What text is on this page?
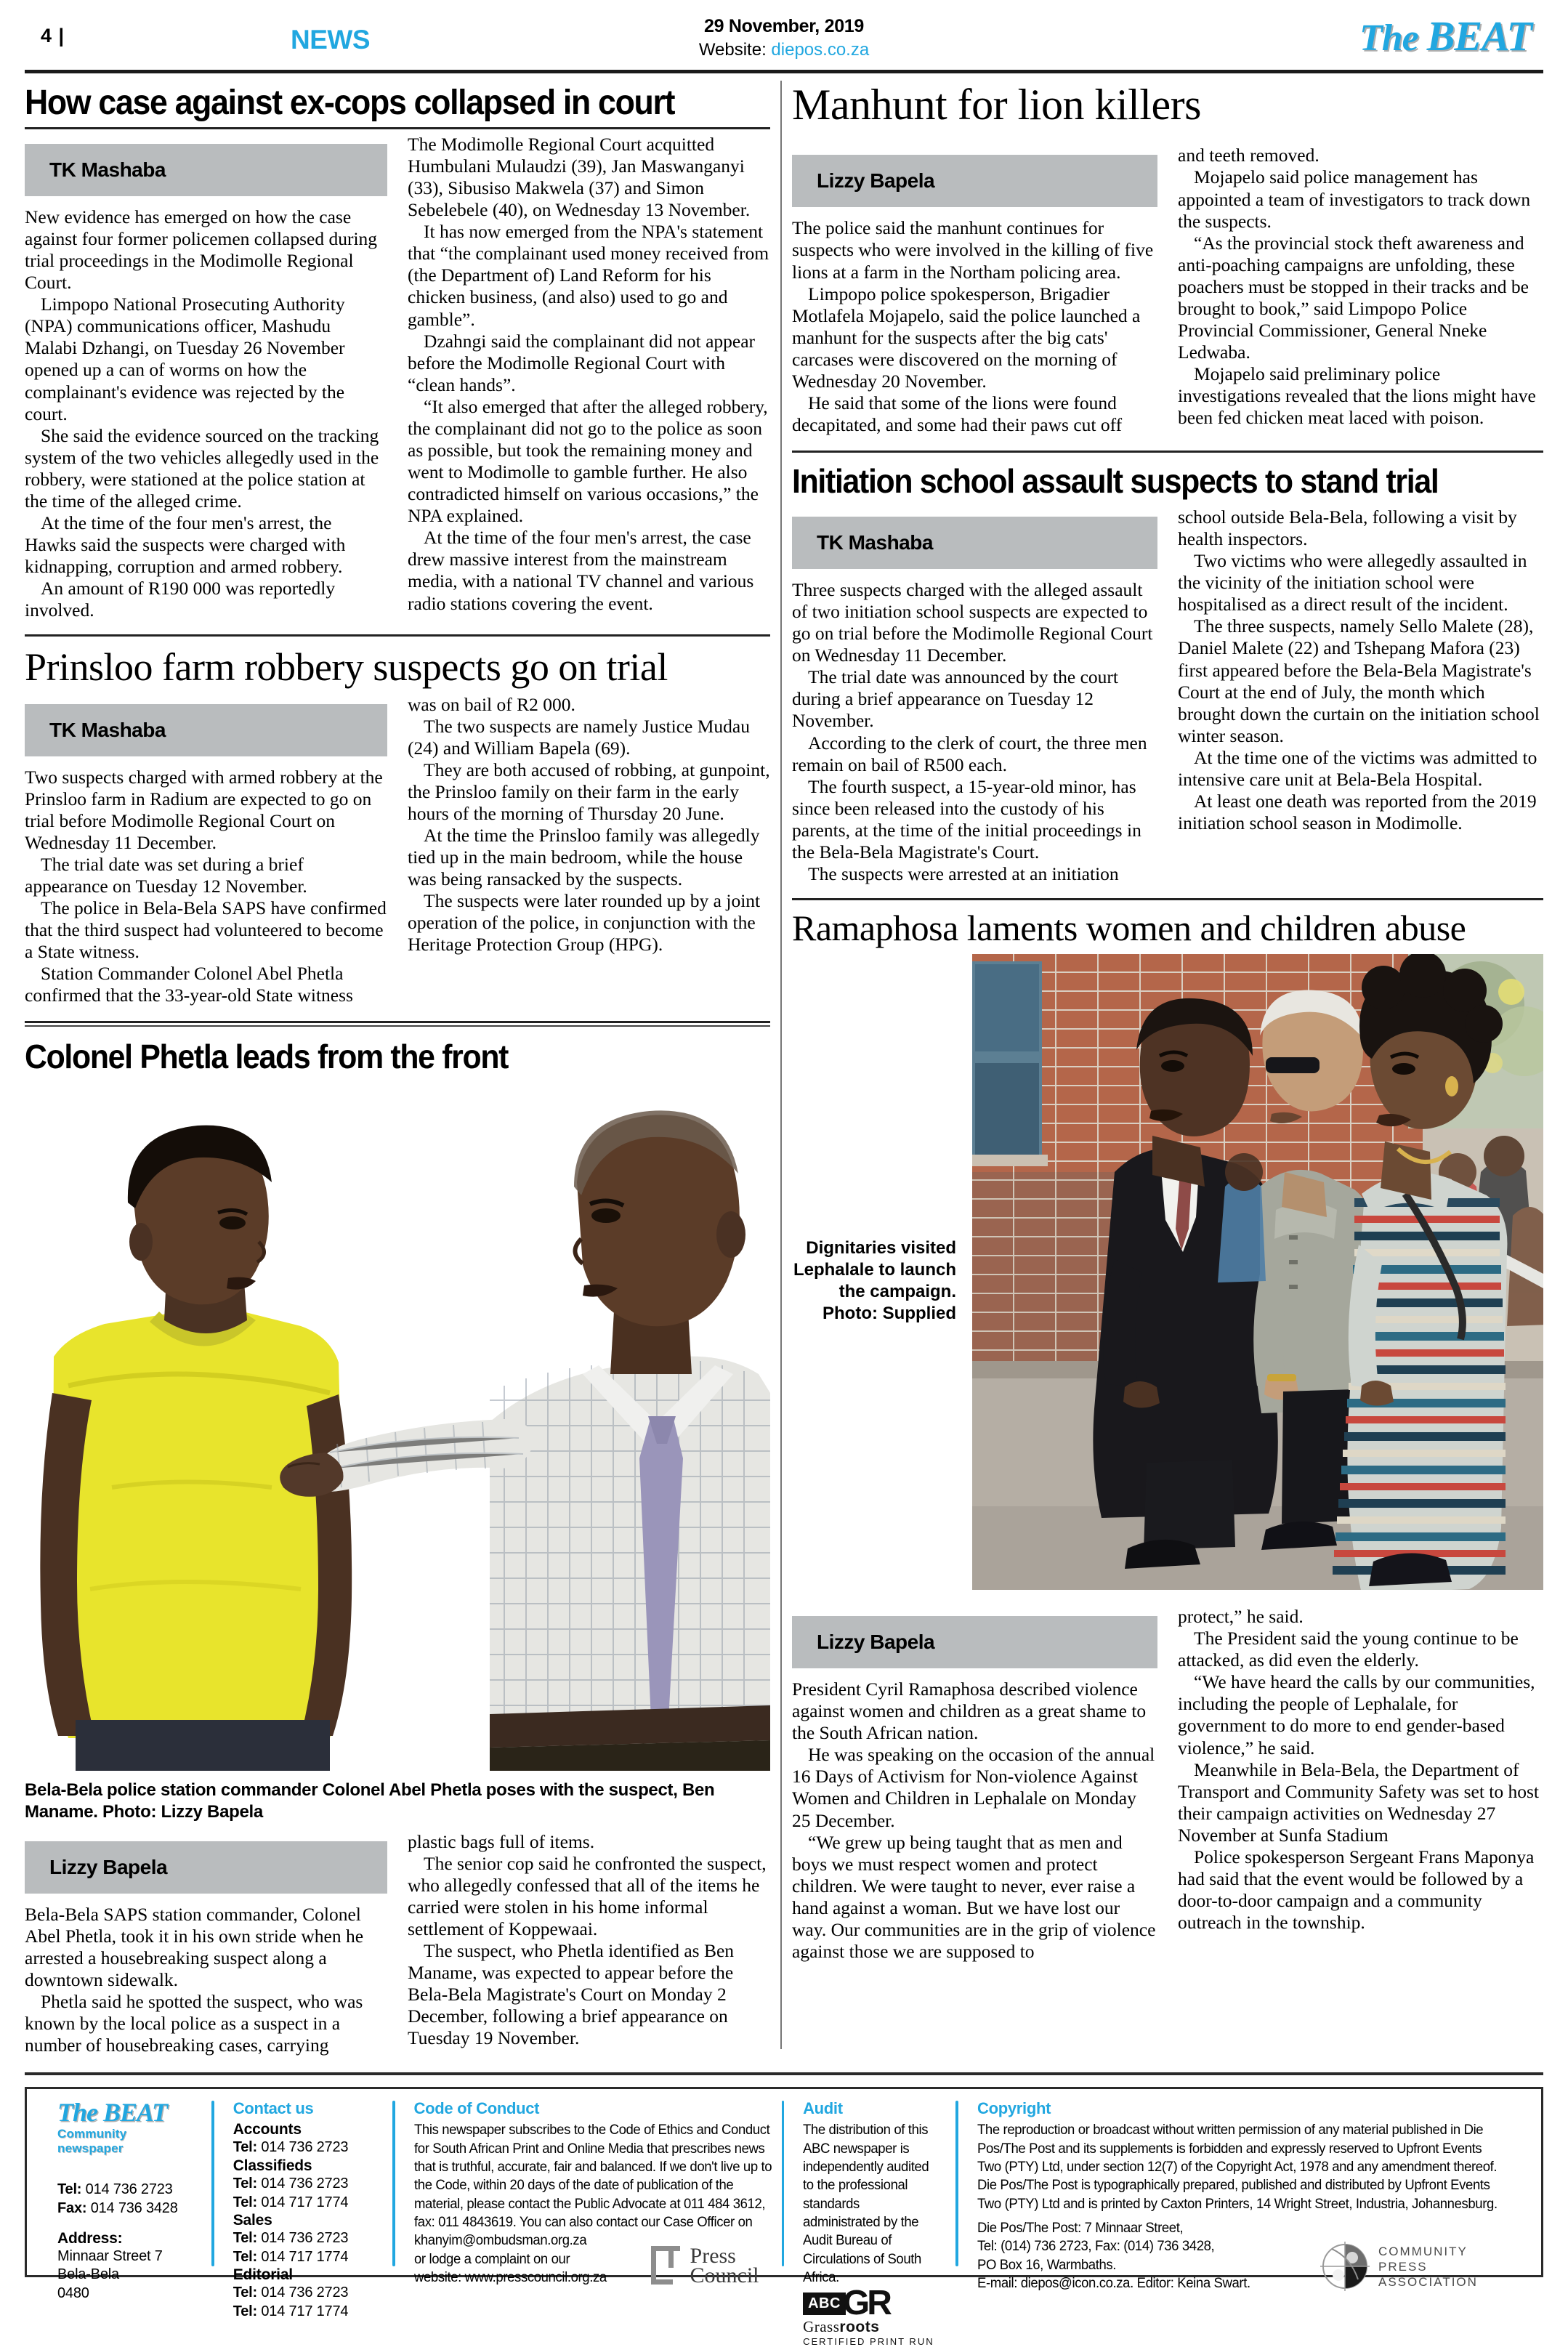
4 |	NEWS	29 November, 2019
Website: diepos.co.za	The BEAT
How case against ex-cops collapsed in court
TK Mashaba

New evidence has emerged on how the case against four former policemen collapsed during trial proceedings in the Modimolle Regional Court.

Limpopo National Prosecuting Authority (NPA) communications officer, Mashudu Malabi Dzhangi, on Tuesday 26 November opened up a can of worms on how the complainant's evidence was rejected by the court.

She said the evidence sourced on the tracking system of the two vehicles allegedly used in the robbery, were stationed at the police station at the time of the alleged crime.

At the time of the four men's arrest, the Hawks said the suspects were charged with kidnapping, corruption and armed robbery.

An amount of R190 000 was reportedly involved.

The Modimolle Regional Court acquitted Humbulani Mulaudzi (39), Jan Maswanganyi (33), Sibusiso Makwela (37) and Simon Sebelebele (40), on Wednesday 13 November.

It has now emerged from the NPA's statement that “the complainant used money received from (the Department of) Land Reform for his chicken business, (and also) used to go and gamble”.

Dzahngi said the complainant did not appear before the Modimolle Regional Court with “clean hands”.

“It also emerged that after the alleged robbery, the complainant did not go to the police as soon as possible, but took the remaining money and went to Modimolle to gamble further. He also contradicted himself on various occasions,” the NPA explained.

At the time of the four men's arrest, the case drew massive interest from the mainstream media, with a national TV channel and various radio stations covering the event.

Prinsloo farm robbery suspects go on trial
TK Mashaba

Two suspects charged with armed robbery at the Prinsloo farm in Radium are expected to go on trial before Modimolle Regional Court on Wednesday 11 December.

The trial date was set during a brief appearance on Tuesday 12 November.

The police in Bela-Bela SAPS have confirmed that the third suspect had volunteered to become a State witness.

Station Commander Colonel Abel Phetla confirmed that the 33-year-old State witness

was on bail of R2 000.

The two suspects are namely Justice Mudau (24) and William Bapela (69).

They are both accused of robbing, at gunpoint, the Prinsloo family on their farm in the early hours of the morning of Thursday 20 June.

At the time the Prinsloo family was allegedly tied up in the main bedroom, while the house was being ransacked by the suspects.

The suspects were later rounded up by a joint operation of the police, in conjunction with the Heritage Protection Group (HPG).

Colonel Phetla leads from the front
Bela-Bela police station commander Colonel Abel Phetla poses with the suspect, Ben Maname. Photo: Lizzy Bapela
Lizzy Bapela

Bela-Bela SAPS station commander, Colonel Abel Phetla, took it in his own stride when he arrested a housebreaking suspect along a downtown sidewalk.

Phetla said he spotted the suspect, who was known by the local police as a suspect in a number of housebreaking cases, carrying

plastic bags full of items.

The senior cop said he confronted the suspect, who allegedly confessed that all of the items he carried were stolen in his home informal settlement of Koppewaai.

The suspect, who Phetla identified as Ben Maname, was expected to appear before the Bela-Bela Magistrate's Court on Monday 2 December, following a brief appearance on Tuesday 19 November.

Manhunt for lion killers
Lizzy Bapela

The police said the manhunt continues for suspects who were involved in the killing of five lions at a farm in the Northam policing area.

Limpopo police spokesperson, Brigadier Motlafela Mojapelo, said the police launched a manhunt for the suspects after the big cats' carcases were discovered on the morning of Wednesday 20 November.

He said that some of the lions were found decapitated, and some had their paws cut off

and teeth removed.

Mojapelo said police management has appointed a team of investigators to track down the suspects.

“As the provincial stock theft awareness and anti-poaching campaigns are unfolding, these poachers must be stopped in their tracks and be brought to book,” said Limpopo Police Provincial Commissioner, General Nneke Ledwaba.

Mojapelo said preliminary police investigations revealed that the lions might have been fed chicken meat laced with poison.

Initiation school assault suspects to stand trial
TK Mashaba

Three suspects charged with the alleged assault of two initiation school suspects are expected to go on trial before the Modimolle Regional Court on Wednesday 11 December.

The trial date was announced by the court during a brief appearance on Tuesday 12 November.

According to the clerk of court, the three men remain on bail of R500 each.

The fourth suspect, a 15-year-old minor, has since been released into the custody of his parents, at the time of the initial proceedings in the Bela-Bela Magistrate's Court.

The suspects were arrested at an initiation

school outside Bela-Bela, following a visit by health inspectors.

Two victims who were allegedly assaulted in the vicinity of the initiation school were hospitalised as a direct result of the incident.

The three suspects, namely Sello Malete (28), Daniel Malete (22) and Tshepang Mafora (23) first appeared before the Bela-Bela Magistrate's Court at the end of July, the month which brought down the curtain on the initiation school winter season.

At the time one of the victims was admitted to intensive care unit at Bela-Bela Hospital.

At least one death was reported from the 2019 initiation school season in Modimolle.

Ramaphosa laments women and children abuse
Dignitaries visited Lephalale to launch the campaign. Photo: Supplied
Lizzy Bapela

President Cyril Ramaphosa described violence against women and children as a great shame to the South African nation.

He was speaking on the occasion of the annual 16 Days of Activism for Non-violence Against Women and Children in Lephalale on Monday 25 December.

“We grew up being taught that as men and boys we must respect women and protect children. We were taught to never, ever raise a hand against a woman. But we have lost our way. Our communities are in the grip of violence against those we are supposed to

protect,” he said.

The President said the young continue to be attacked, as did even the elderly.

“We have heard the calls by our communities, including the people of Lephalale, for government to do more to end gender-based violence,” he said.

Meanwhile in Bela-Bela, the Department of Transport and Community Safety was set to host their campaign activities on Wednesday 27 November at Sunfa Stadium

Police spokesperson Sergeant Frans Maponya had said that the event would be followed by a door-to-door campaign and a community outreach in the township.

The BEAT
Community newspaper
Tel: 014 736 2723
Fax: 014 736 3428
Address:
Minnaar Street 7
Bela-Bela
0480
Contact us
Accounts
Tel: 014 736 2723
Classifieds
Tel: 014 736 2723
Tel: 014 717 1774
Sales
Tel: 014 736 2723
Tel: 014 717 1774
Editorial
Tel: 014 736 2723
Tel: 014 717 1774
Code of Conduct
This newspaper subscribes to the Code of Ethics and Conduct for South African Print and Online Media that prescribes news that is truthful, accurate, fair and balanced. If we don't live up to the Code, within 20 days of the date of publication of the material, please contact the Public Advocate at 011 484 3612, fax: 011 4843619. You can also contact our Case Officer on
khanyim@ombudsman.org.za
or lodge a complaint on our
website: www.presscouncil.org.za
Press
Council
Audit
The distribution of this ABC newspaper is independently audited to the professional standards administrated by the Audit Bureau of Circulations of South Africa.
ABC GR
Grassroots
CERTIFIED PRINT RUN
Copyright
The reproduction or broadcast without written permission of any material published in Die Pos/The Post and its supplements is forbidden and expressly reserved to Upfront Events Two (PTY) Ltd, under section 12(7) of the Copyright Act, 1978 and any amendment thereof. Die Pos/The Post is typographically prepared, published and distributed by Upfront Events Two (PTY) Ltd and is printed by Caxton Printers, 14 Wright Street, Industria, Johannesburg.
Die Pos/The Post: 7 Minnaar Street,
Tel: (014) 736 2723, Fax: (014) 736 3428,
PO Box 16, Warmbaths.
E-mail: diepos@icon.co.za. Editor: Keina Swart.
COMMUNITY
PRESS
ASSOCIATION
